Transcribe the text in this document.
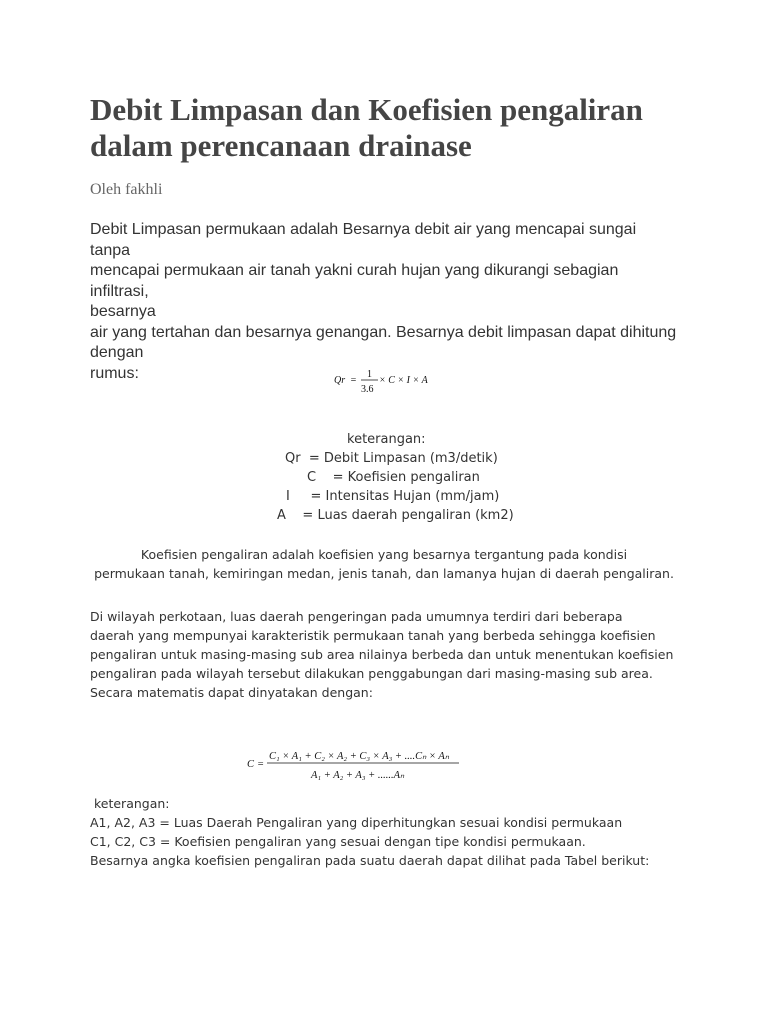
Debit Limpasan dan Koefisien pengaliran
dalam perencanaan drainase

Oleh fakhli

Debit Limpasan permukaan adalah Besarnya debit air yang mencapai sungai tanpa
mencapai permukaan air tanah yakni curah hujan yang dikurangi sebagian infiltrasi,
besarnya
air yang tertahan dan besarnya genangan. Besarnya debit limpasan dapat dihitung
dengan
rumus:	Qr =
1
3.6
× C × I × A
keterangan:
Qr  = Debit Limpasan (m3/detik)
C    = Koefisien pengaliran
I     = Intensitas Hujan (mm/jam)
A    = Luas daerah pengaliran (km2)
Koefisien pengaliran adalah koefisien yang besarnya tergantung pada kondisi
permukaan tanah, kemiringan medan, jenis tanah, dan lamanya hujan di daerah pengaliran.
Di wilayah perkotaan, luas daerah pengeringan pada umumnya terdiri dari beberapa
daerah yang mempunyai karakteristik permukaan tanah yang berbeda sehingga koefisien
pengaliran untuk masing-masing sub area nilainya berbeda dan untuk menentukan koefisien
pengaliran pada wilayah tersebut dilakukan penggabungan dari masing-masing sub area.
Secara matematis dapat dinyatakan dengan:
C =
C₁ × A₁ + C₂ × A₂ + C₃ × A₃ + ....Cₙ × Aₙ
A₁ + A₂ + A₃ + ......Aₙ
keterangan:
A1, A2, A3 = Luas Daerah Pengaliran yang diperhitungkan sesuai kondisi permukaan
C1, C2, C3 = Koefisien pengaliran yang sesuai dengan tipe kondisi permukaan.
Besarnya angka koefisien pengaliran pada suatu daerah dapat dilihat pada Tabel berikut:
